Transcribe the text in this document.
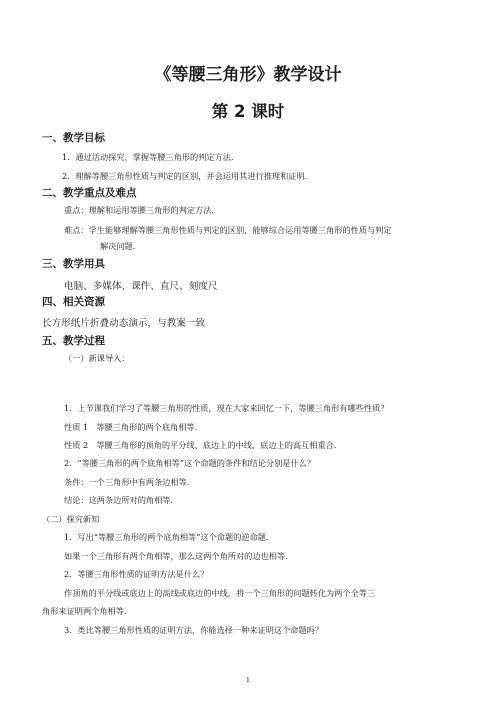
《等腰三角形》教学设计
第 2 课时
一、教学目标
1．通过活动探究，掌握等腰三角形的判定方法．
2．理解等腰三角形性质与判定的区别，并会运用其进行推理和证明．
二、教学重点及难点
重点：理解和运用等腰三角形的判定方法．
难点：学生能够理解等腰三角形性质与判定的区别，能够综合运用等腰三角形的性质与判定
解决问题．
三、教学用具
电脑、多媒体、课件、直尺、刻度尺
四、相关资源
长方形纸片折叠动态演示，与教案一致
五、教学过程
（一）新课导入：
1．上节课我们学习了等腰三角形的性质，现在大家来回忆一下，等腰三角形有哪些性质？
性质 1　等腰三角形的两个底角相等．
性质 2　等腰三角形的顶角的平分线、底边上的中线、底边上的高互相重合．
2．“等腰三角形的两个底角相等”这个命题的条件和结论分别是什么？
条件：一个三角形中有两条边相等．
结论：这两条边所对的角相等．
（二）探究新知
1．写出“等腰三角形的两个底角相等”这个命题的逆命题．
如果一个三角形有两个角相等，那么这两个角所对的边也相等．
2．等腰三角形性质的证明方法是什么？
作顶角的平分线或底边上的高线或底边的中线，将一个三角形的问题转化为两个全等三
角形来证明两个角相等．
3．类比等腰三角形性质的证明方法，你能选择一种来证明这个命题吗？
1
